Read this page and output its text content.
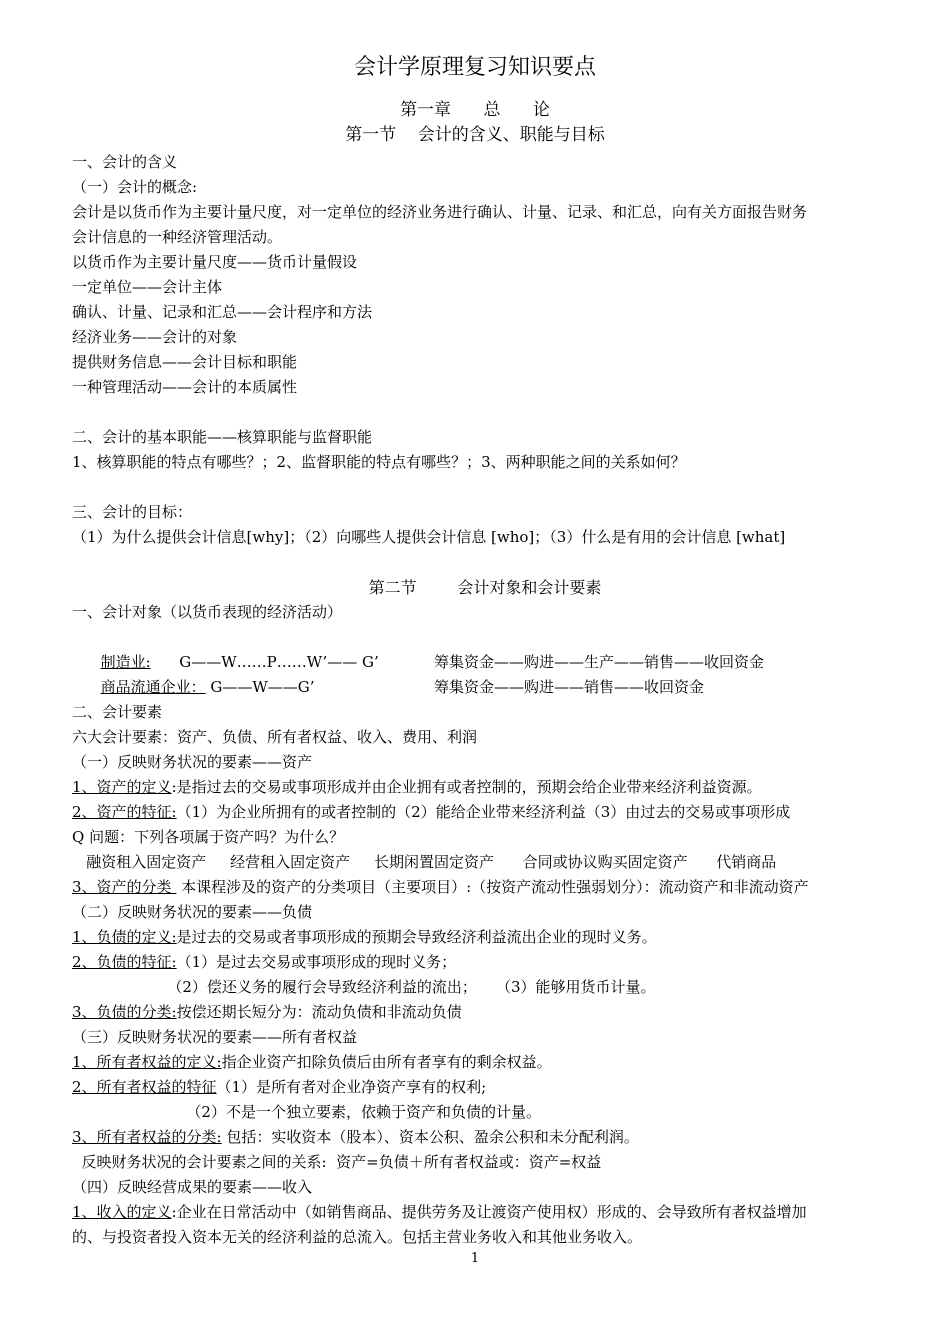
会计学原理复习知识要点
第一章      总      论
第一节    会计的含义、职能与目标
一、会计的含义
（一）会计的概念:
会计是以货币作为主要计量尺度，对一定单位的经济业务进行确认、计量、记录、和汇总，向有关方面报告财务
会计信息的一种经济管理活动。
以货币作为主要计量尺度——货币计量假设
一定单位——会计主体
确认、计量、记录和汇总——会计程序和方法
经济业务——会计的对象
提供财务信息——会计目标和职能
一种管理活动——会计的本质属性
二、会计的基本职能——核算职能与监督职能
1、核算职能的特点有哪些？；2、监督职能的特点有哪些？；3、两种职能之间的关系如何？
三、会计的目标：
（1）为什么提供会计信息[why]；（2）向哪些人提供会计信息 [who]；（3）什么是有用的会计信息 [what]
第二节        会计对象和会计要素
一、会计对象（以货币表现的经济活动）

制造业:      G——W……P……W’—— G’	筹集资金——购进——生产——销售——收回资金

商品流通企业： G——W——G’	筹集资金——购进——销售——收回资金

二、会计要素
六大会计要素：资产、负债、所有者权益、收入、费用、利润
（一）反映财务状况的要素——资产
1、资产的定义:是指过去的交易或事项形成并由企业拥有或者控制的，预期会给企业带来经济利益资源。
2、资产的特征:（1）为企业所拥有的或者控制的（2）能给企业带来经济利益（3）由过去的交易或事项形成
Q 问题：下列各项属于资产吗？为什么？
融资租入固定资产     经营租入固定资产     长期闲置固定资产      合同或协议购买固定资产      代销商品
3、资产的分类  本课程涉及的资产的分类项目（主要项目）:（按资产流动性强弱划分）：流动资产和非流动资产
（二）反映财务状况的要素——负债
1、负债的定义:是过去的交易或者事项形成的预期会导致经济利益流出企业的现时义务。
2、负债的特征:（1）是过去交易或事项形成的现时义务；
（2）偿还义务的履行会导致经济利益的流出；    （3）能够用货币计量。
3、负债的分类:按偿还期长短分为：流动负债和非流动负债
（三）反映财务状况的要素——所有者权益
1、所有者权益的定义:指企业资产扣除负债后由所有者享有的剩余权益。
2、所有者权益的特征（1）是所有者对企业净资产享有的权利;
（2）不是一个独立要素，依赖于资产和负债的计量。
3、所有者权益的分类: 包括：实收资本（股本）、资本公积、盈余公积和未分配利润。
反映财务状况的会计要素之间的关系:  资产=负债＋所有者权益或：资产=权益
（四）反映经营成果的要素——收入
1、收入的定义:企业在日常活动中（如销售商品、提供劳务及让渡资产使用权）形成的、会导致所有者权益增加
的、与投资者投入资本无关的经济利益的总流入。包括主营业务收入和其他业务收入。
1
